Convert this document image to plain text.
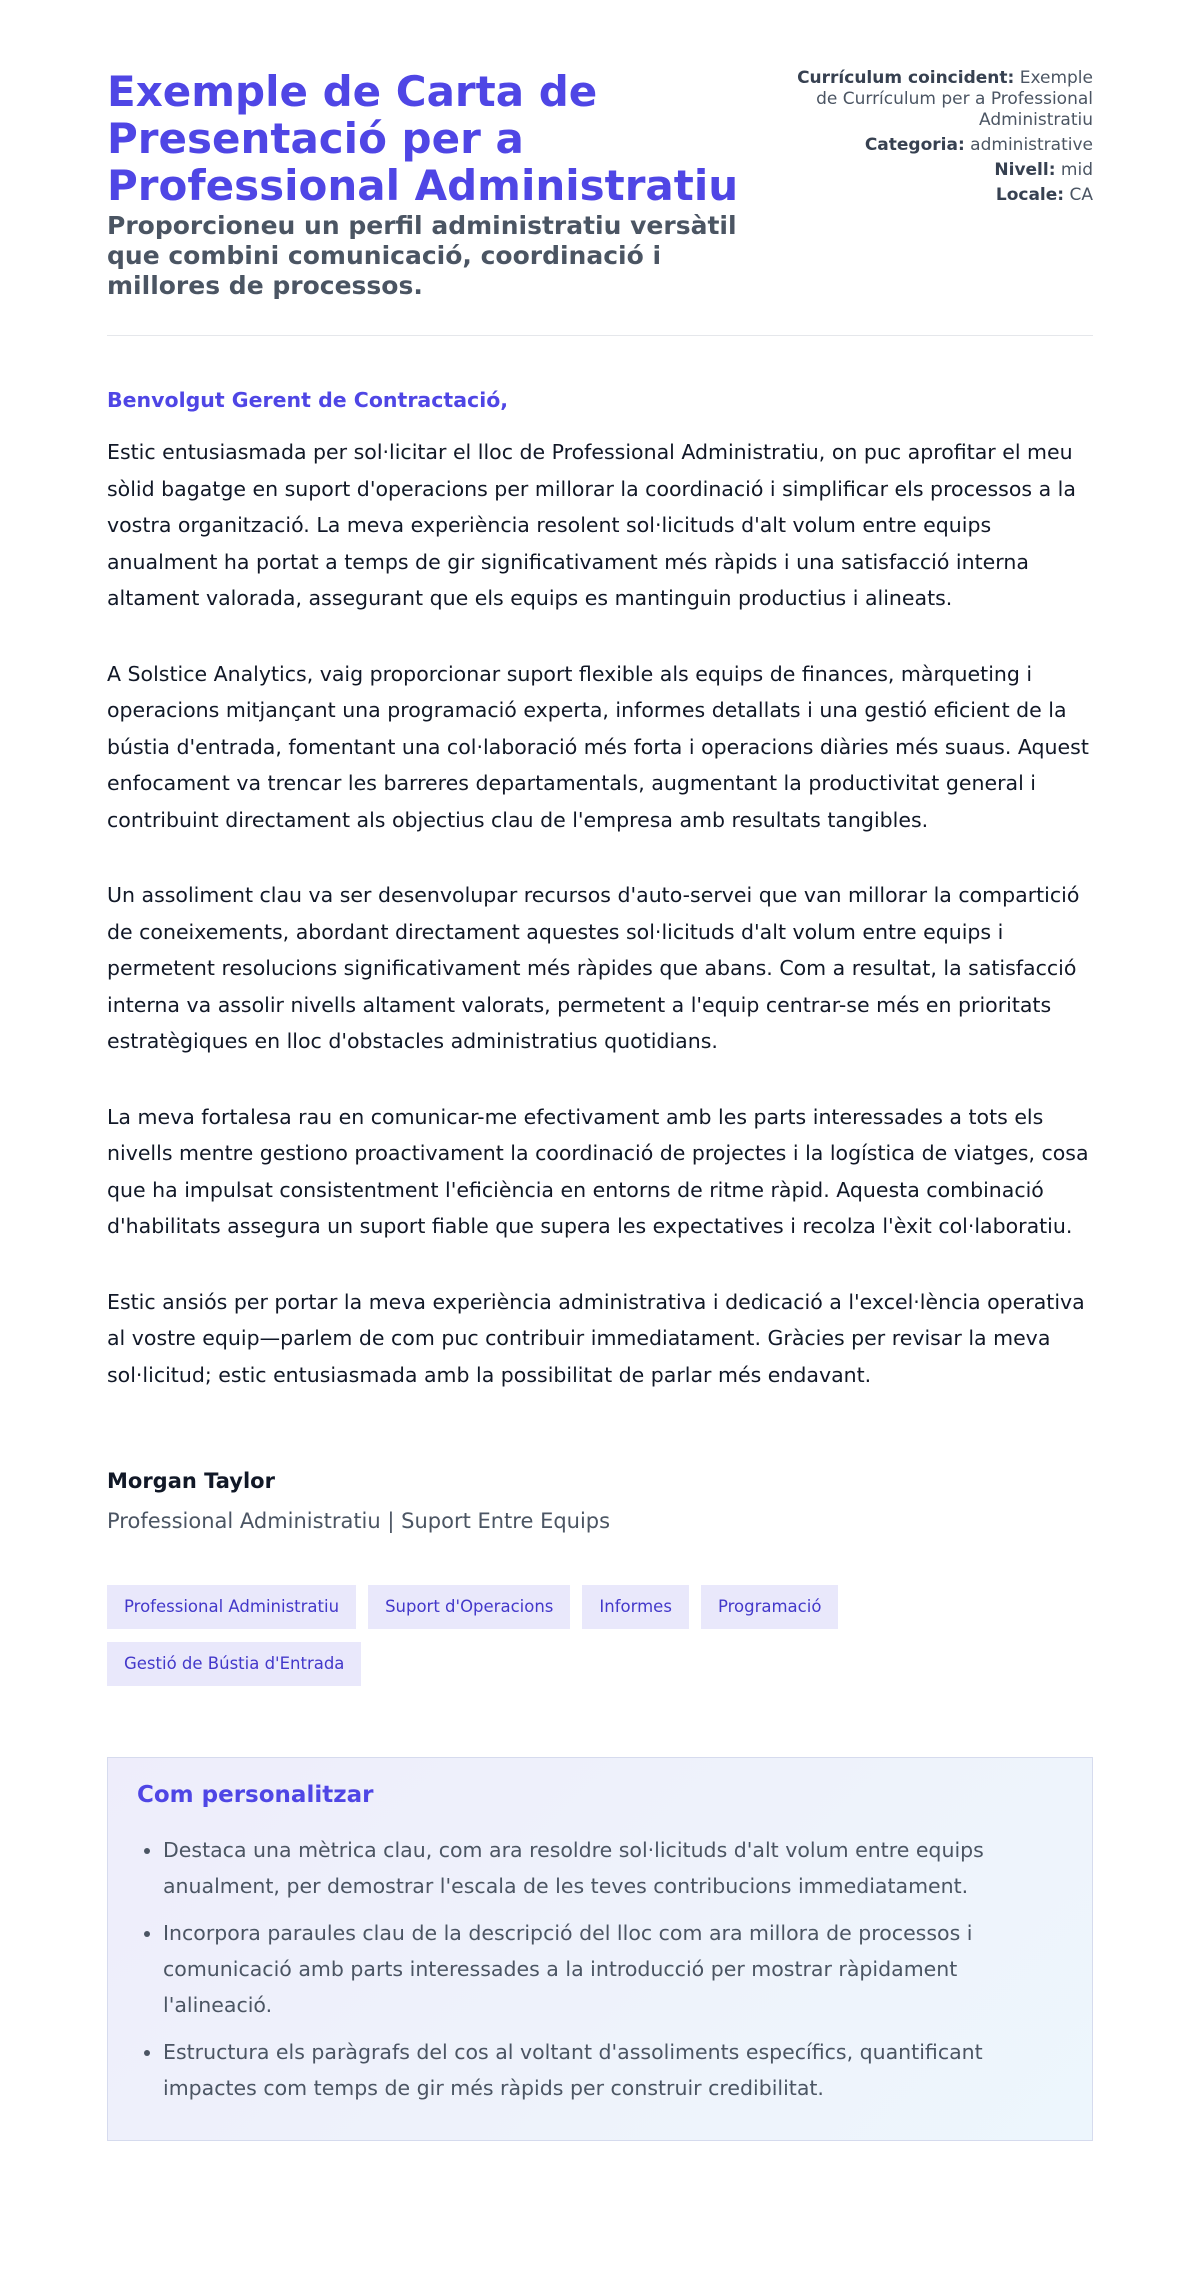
Exemple de Carta de Presentació per a Professional Administratiu
Proporcioneu un perfil administratiu versàtil que combini comunicació, coordinació i millores de processos.
Currículum coincident: Exemple de Currículum per a Professional Administratiu
Categoria: administrative
Nivell: mid
Locale: CA

Benvolgut Gerent de Contractació,

Estic entusiasmada per sol·licitar el lloc de Professional Administratiu, on puc aprofitar el meu sòlid bagatge en suport d'operacions per millorar la coordinació i simplificar els processos a la vostra organització. La meva experiència resolent sol·licituds d'alt volum entre equips anualment ha portat a temps de gir significativament més ràpids i una satisfacció interna altament valorada, assegurant que els equips es mantinguin productius i alineats.

A Solstice Analytics, vaig proporcionar suport flexible als equips de finances, màrqueting i operacions mitjançant una programació experta, informes detallats i una gestió eficient de la bústia d'entrada, fomentant una col·laboració més forta i operacions diàries més suaus. Aquest enfocament va trencar les barreres departamentals, augmentant la productivitat general i contribuint directament als objectius clau de l'empresa amb resultats tangibles.

Un assoliment clau va ser desenvolupar recursos d'auto-servei que van millorar la compartició de coneixements, abordant directament aquestes sol·licituds d'alt volum entre equips i permetent resolucions significativament més ràpides que abans. Com a resultat, la satisfacció interna va assolir nivells altament valorats, permetent a l'equip centrar-se més en prioritats estratègiques en lloc d'obstacles administratius quotidians.

La meva fortalesa rau en comunicar-me efectivament amb les parts interessades a tots els nivells mentre gestiono proactivament la coordinació de projectes i la logística de viatges, cosa que ha impulsat consistentment l'eficiència en entorns de ritme ràpid. Aquesta combinació d'habilitats assegura un suport fiable que supera les expectatives i recolza l'èxit col·laboratiu.

Estic ansiós per portar la meva experiència administrativa i dedicació a l'excel·lència operativa al vostre equip—parlem de com puc contribuir immediatament. Gràcies per revisar la meva sol·licitud; estic entusiasmada amb la possibilitat de parlar més endavant.

Morgan Taylor

Professional Administratiu | Suport Entre Equips

Professional Administratiu	Suport d'Operacions	Informes	Programació
Gestió de Bústia d'Entrada
Com personalitzar
• Destaca una mètrica clau, com ara resoldre sol·licituds d'alt volum entre equips anualment, per demostrar l'escala de les teves contribucions immediatament.
• Incorpora paraules clau de la descripció del lloc com ara millora de processos i comunicació amb parts interessades a la introducció per mostrar ràpidament l'alineació.
• Estructura els paràgrafs del cos al voltant d'assoliments específics, quantificant impactes com temps de gir més ràpids per construir credibilitat.
